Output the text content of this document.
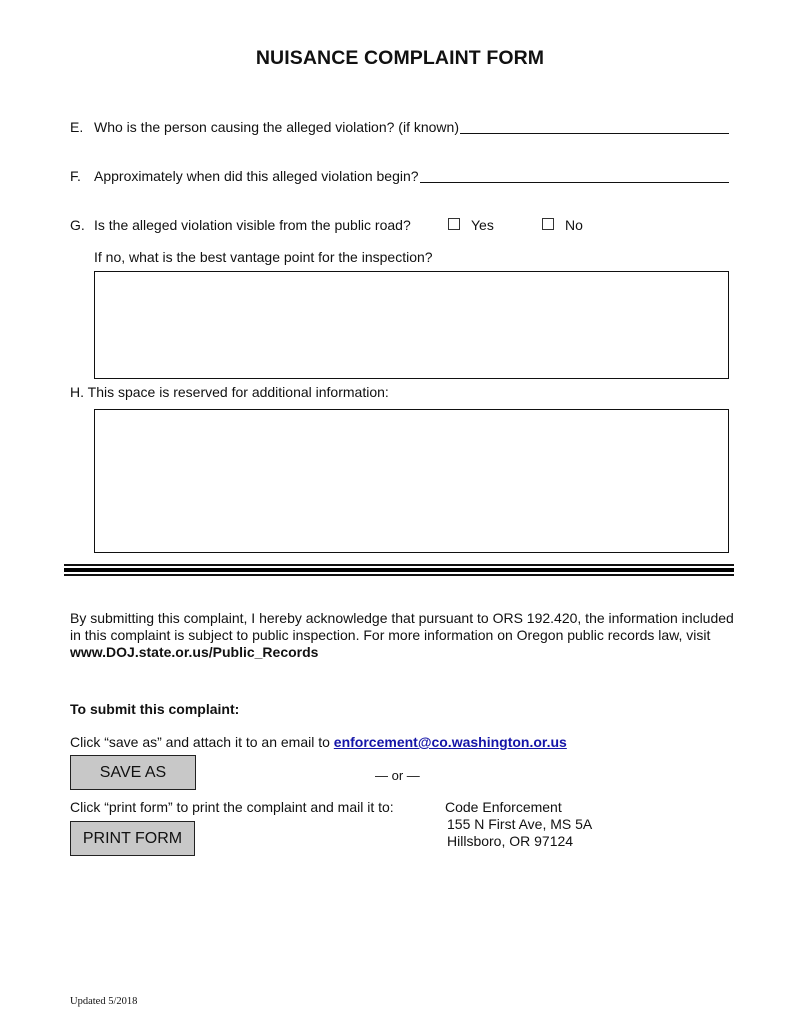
NUISANCE COMPLAINT FORM
E. Who is the person causing the alleged violation? (if known)
F. Approximately when did this alleged violation begin?
G. Is the alleged violation visible from the public road?	Yes	No
If no, what is the best vantage point for the inspection?
H. This space is reserved for additional information:
By submitting this complaint, I hereby acknowledge that pursuant to ORS 192.420, the information included
in this complaint is subject to public inspection. For more information on Oregon public records law, visit
www.DOJ.state.or.us/Public_Records
To submit this complaint:
Click “save as” and attach it to an email to enforcement@co.washington.or.us
SAVE AS	— or —
Click “print form” to print the complaint and mail it to:
PRINT FORM
Code Enforcement
155 N First Ave, MS 5A
Hillsboro, OR 97124
Updated 5/2018
